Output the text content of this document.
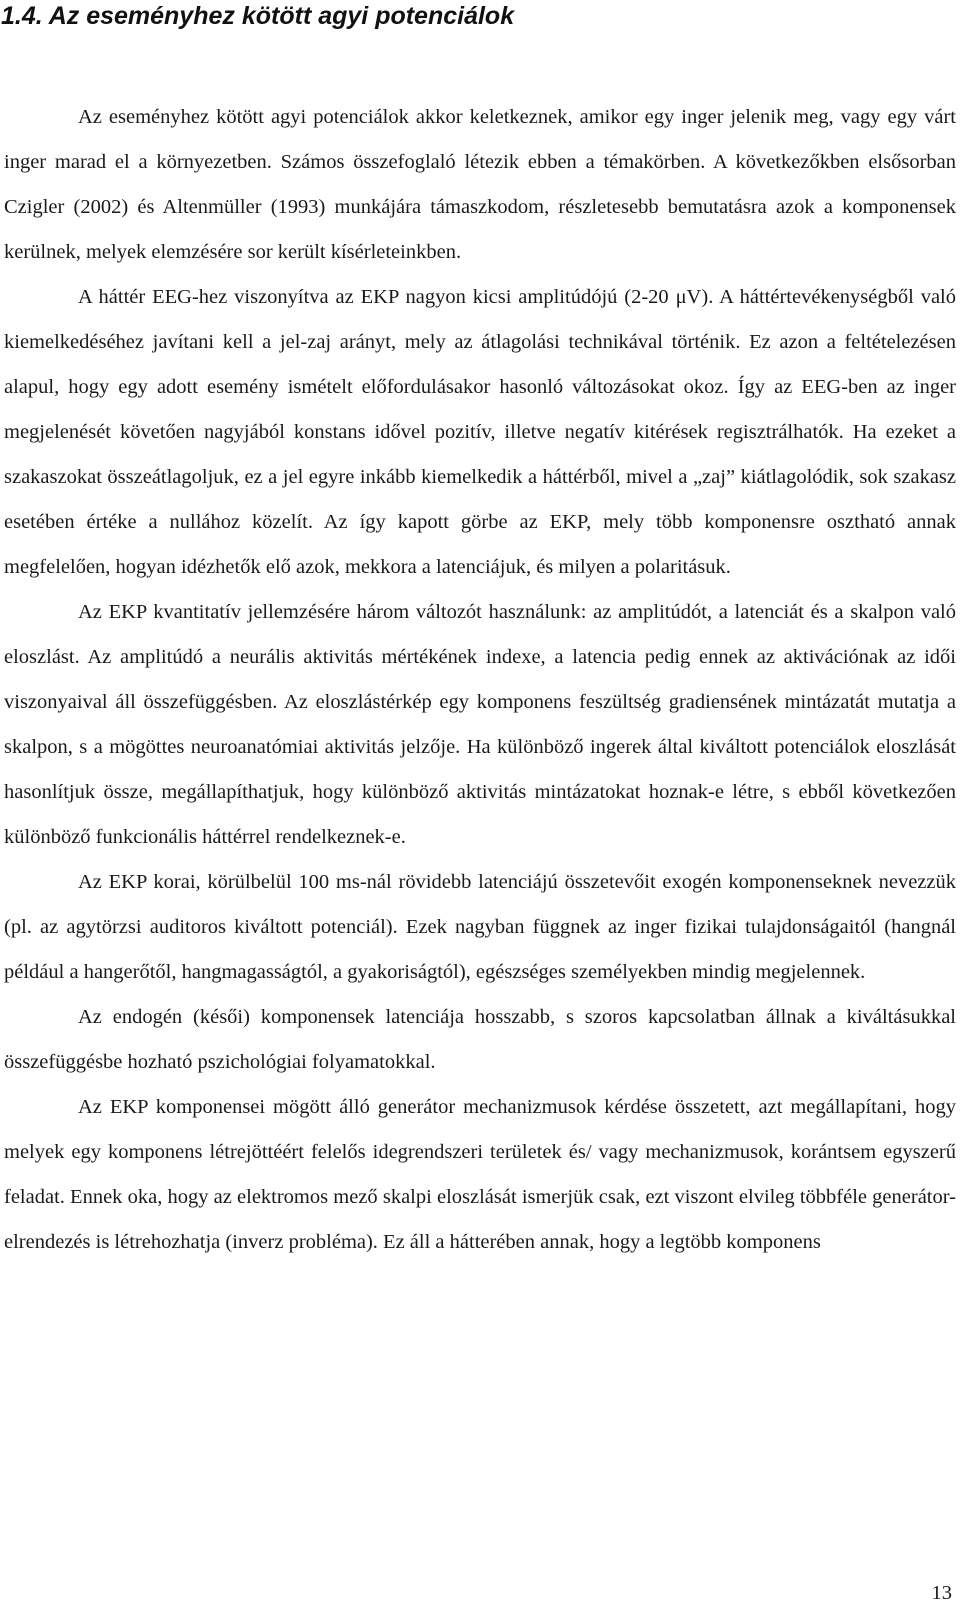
1.4. Az eseményhez kötött agyi potenciálok

Az eseményhez kötött agyi potenciálok akkor keletkeznek, amikor egy inger jelenik meg, vagy egy várt inger marad el a környezetben. Számos összefoglaló létezik ebben a témakörben. A következőkben elsősorban Czigler (2002) és Altenmüller (1993) munkájára támaszkodom, részletesebb bemutatásra azok a komponensek kerülnek, melyek elemzésére sor került kísérleteinkben.

A háttér EEG-hez viszonyítva az EKP nagyon kicsi amplitúdójú (2-20 μV). A háttértevékenységből való kiemelkedéséhez javítani kell a jel-zaj arányt, mely az átlagolási technikával történik. Ez azon a feltételezésen alapul, hogy egy adott esemény ismételt előfordulásakor hasonló változásokat okoz. Így az EEG-ben az inger megjelenését követően nagyjából konstans idővel pozitív, illetve negatív kitérések regisztrálhatók. Ha ezeket a szakaszokat összeátlagoljuk, ez a jel egyre inkább kiemelkedik a háttérből, mivel a „zaj” kiátlagolódik, sok szakasz esetében értéke a nullához közelít. Az így kapott görbe az EKP, mely több komponensre osztható annak megfelelően, hogyan idézhetők elő azok, mekkora a latenciájuk, és milyen a polaritásuk.

Az EKP kvantitatív jellemzésére három változót használunk: az amplitúdót, a latenciát és a skalpon való eloszlást. Az amplitúdó a neurális aktivitás mértékének indexe, a latencia pedig ennek az aktivációnak az idői viszonyaival áll összefüggésben. Az eloszlástérkép egy komponens feszültség gradiensének mintázatát mutatja a skalpon, s a mögöttes neuroanatómiai aktivitás jelzője. Ha különböző ingerek által kiváltott potenciálok eloszlását hasonlítjuk össze, megállapíthatjuk, hogy különböző aktivitás mintázatokat hoznak-e létre, s ebből következően különböző funkcionális háttérrel rendelkeznek-e.

Az EKP korai, körülbelül 100 ms-nál rövidebb latenciájú összetevőit exogén komponenseknek nevezzük (pl. az agytörzsi auditoros kiváltott potenciál). Ezek nagyban függnek az inger fizikai tulajdonságaitól (hangnál például a hangerőtől, hangmagasságtól, a gyakoriságtól), egészséges személyekben mindig megjelennek.

Az endogén (késői) komponensek latenciája hosszabb, s szoros kapcsolatban állnak a kiváltásukkal összefüggésbe hozható pszichológiai folyamatokkal.

Az EKP komponensei mögött álló generátor mechanizmusok kérdése összetett, azt megállapítani, hogy melyek egy komponens létrejöttéért felelős idegrendszeri területek és/ vagy mechanizmusok, korántsem egyszerű feladat. Ennek oka, hogy az elektromos mező skalpi eloszlását ismerjük csak, ezt viszont elvileg többféle generátor-elrendezés is létrehozhatja (inverz probléma). Ez áll a hátterében annak, hogy a legtöbb komponens

13
